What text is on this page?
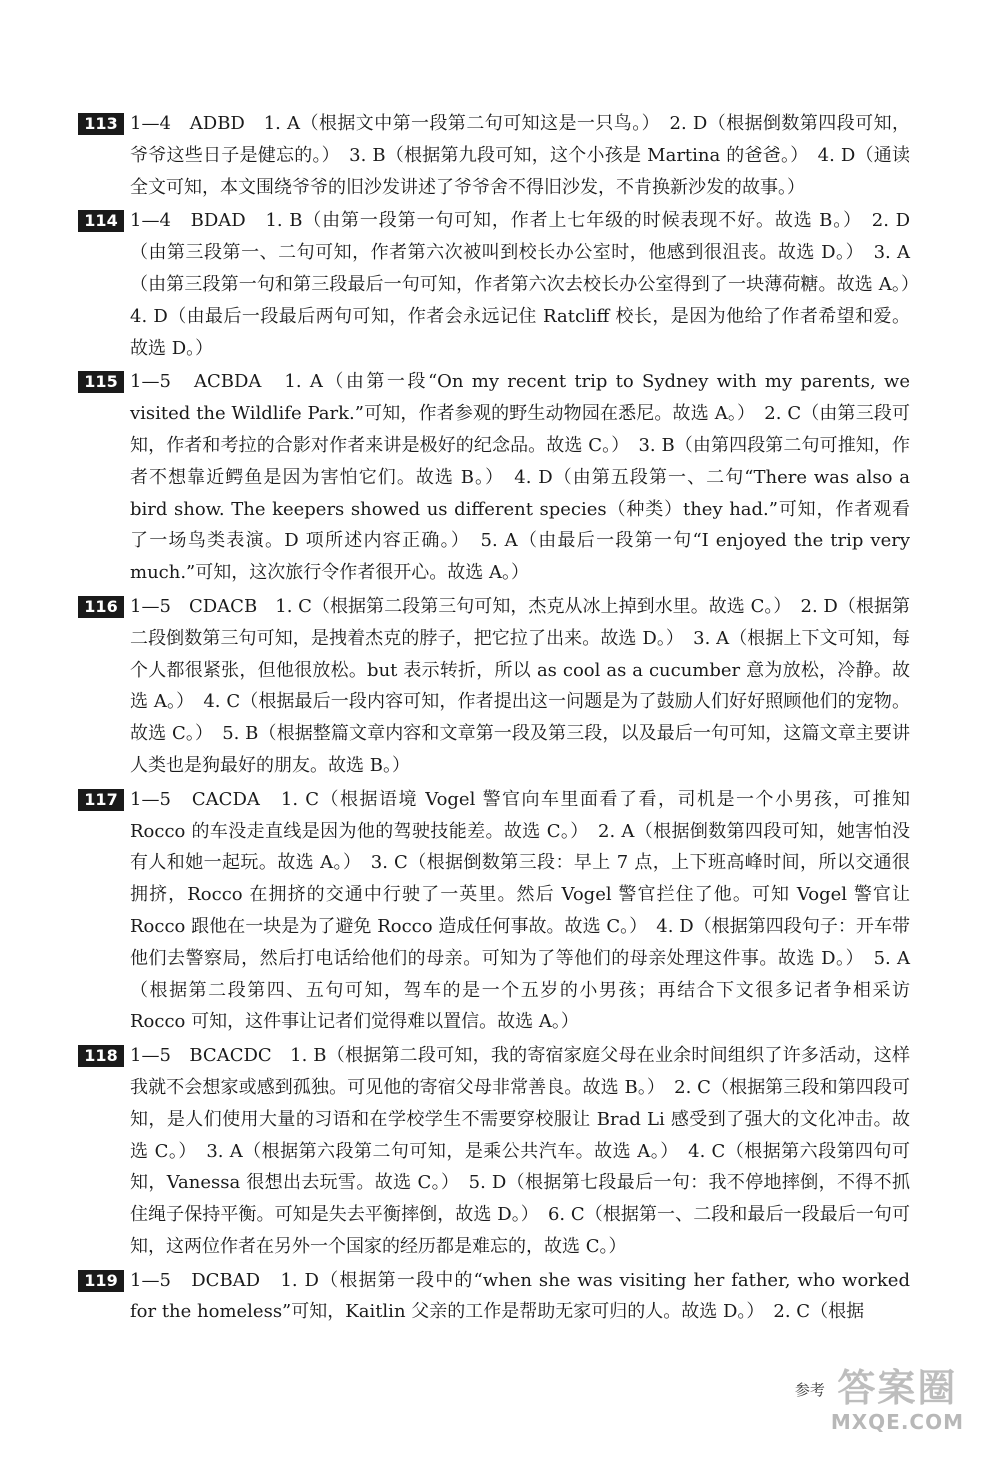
113 1—4　ADBD　1. A（根据文中第一段第二句可知这是一只鸟。）　2. D（根据倒数第四段可知，爷爷这些日子是健忘的。）　3. B（根据第九段可知，这个小孩是 Martina 的爸爸。）　4. D（通读全文可知，本文围绕爷爷的旧沙发讲述了爷爷舍不得旧沙发，不肯换新沙发的故事。）
114 1—4　BDAD　1. B（由第一段第一句可知，作者上七年级的时候表现不好。故选 B。）　2. D（由第三段第一、二句可知，作者第六次被叫到校长办公室时，他感到很沮丧。故选 D。）　3. A（由第三段第一句和第三段最后一句可知，作者第六次去校长办公室得到了一块薄荷糖。故选 A。）　4. D（由最后一段最后两句可知，作者会永远记住 Ratcliff 校长，是因为他给了作者希望和爱。故选 D。）
115 1—5　ACBDA　1. A（由第一段“On my recent trip to Sydney with my parents, we visited the Wildlife Park.”可知，作者参观的野生动物园在悉尼。故选 A。）　2. C（由第三段可知，作者和考拉的合影对作者来讲是极好的纪念品。故选 C。）　3. B（由第四段第二句可推知，作者不想靠近鳄鱼是因为害怕它们。故选 B。）　4. D（由第五段第一、二句“There was also a bird show. The keepers showed us different species（种类）they had.”可知，作者观看了一场鸟类表演。D 项所述内容正确。）　5. A（由最后一段第一句“I enjoyed the trip very much.”可知，这次旅行令作者很开心。故选 A。）
116 1—5　CDACB　1. C（根据第二段第三句可知，杰克从冰上掉到水里。故选 C。）　2. D（根据第二段倒数第三句可知，是拽着杰克的脖子，把它拉了出来。故选 D。）　3. A（根据上下文可知，每个人都很紧张，但他很放松。but 表示转折，所以 as cool as a cucumber 意为放松，冷静。故选 A。）　4. C（根据最后一段内容可知，作者提出这一问题是为了鼓励人们好好照顾他们的宠物。故选 C。）　5. B（根据整篇文章内容和文章第一段及第三段，以及最后一句可知，这篇文章主要讲人类也是狗最好的朋友。故选 B。）
117 1—5　CACDA　1. C（根据语境 Vogel 警官向车里面看了看，司机是一个小男孩，可推知 Rocco 的车没走直线是因为他的驾驶技能差。故选 C。）　2. A（根据倒数第四段可知，她害怕没有人和她一起玩。故选 A。）　3. C（根据倒数第三段：早上 7 点，上下班高峰时间，所以交通很拥挤，Rocco 在拥挤的交通中行驶了一英里。然后 Vogel 警官拦住了他。可知 Vogel 警官让 Rocco 跟他在一块是为了避免 Rocco 造成任何事故。故选 C。）　4. D（根据第四段句子：开车带他们去警察局，然后打电话给他们的母亲。可知为了等他们的母亲处理这件事。故选 D。）　5. A（根据第二段第四、五句可知，驾车的是一个五岁的小男孩；再结合下文很多记者争相采访 Rocco 可知，这件事让记者们觉得难以置信。故选 A。）
118 1—5　BCACDC　1. B（根据第二段可知，我的寄宿家庭父母在业余时间组织了许多活动，这样我就不会想家或感到孤独。可见他的寄宿父母非常善良。故选 B。）　2. C（根据第三段和第四段可知，是人们使用大量的习语和在学校学生不需要穿校服让 Brad Li 感受到了强大的文化冲击。故选 C。）　3. A（根据第六段第二句可知，是乘公共汽车。故选 A。）　4. C（根据第六段第四句可知，Vanessa 很想出去玩雪。故选 C。）　5. D（根据第七段最后一句：我不停地摔倒，不得不抓住绳子保持平衡。可知是失去平衡摔倒，故选 D。）　6. C（根据第一、二段和最后一段最后一句可知，这两位作者在另外一个国家的经历都是难忘的，故选 C。）
119 1—5　DCBAD　1. D（根据第一段中的“when she was visiting her father, who worked for the homeless”可知，Kaitlin 父亲的工作是帮助无家可归的人。故选 D。）　2. C（根据
参考 答案圈
MXQE.COM
